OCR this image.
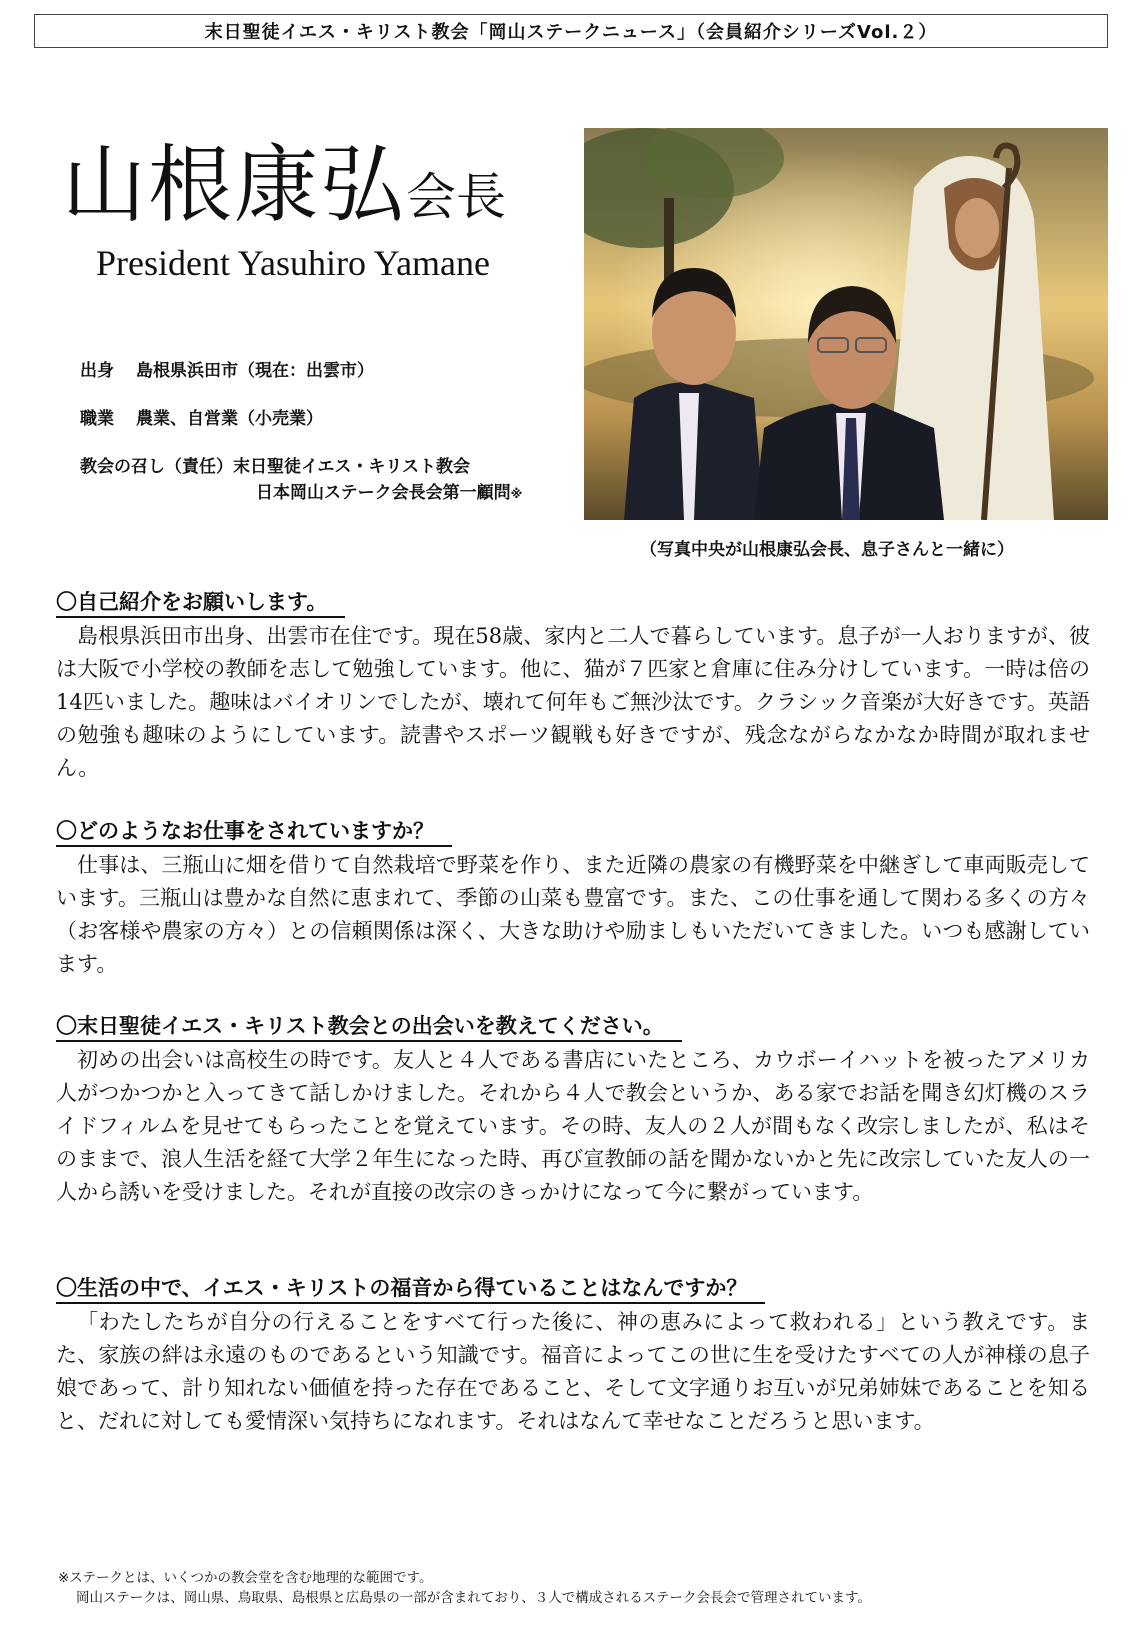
末日聖徒イエス・キリスト教会「岡山ステークニュース」（会員紹介シリーズVol.２）
山根康弘会長
President Yasuhiro Yamane
出身 島根県浜田市（現在：出雲市）
職業 農業、自営業（小売業）
教会の召し（責任）末日聖徒イエス・キリスト教会
日本岡山ステーク会長会第一顧問※
（写真中央が山根康弘会長、息子さんと一緒に）
〇自己紹介をお願いします。

島根県浜田市出身、出雲市在住です。現在58歳、家内と二人で暮らしています。息子が一人おりますが、彼は大阪で小学校の教師を志して勉強しています。他に、猫が７匹家と倉庫に住み分けしています。一時は倍の14匹いました。趣味はバイオリンでしたが、壊れて何年もご無沙汰です。クラシック音楽が大好きです。英語の勉強も趣味のようにしています。読書やスポーツ観戦も好きですが、残念ながらなかなか時間が取れません。

〇どのようなお仕事をされていますか？

仕事は、三瓶山に畑を借りて自然栽培で野菜を作り、また近隣の農家の有機野菜を中継ぎして車両販売しています。三瓶山は豊かな自然に恵まれて、季節の山菜も豊富です。また、この仕事を通して関わる多くの方々（お客様や農家の方々）との信頼関係は深く、大きな助けや励ましもいただいてきました。いつも感謝しています。

〇末日聖徒イエス・キリスト教会との出会いを教えてください。

初めの出会いは高校生の時です。友人と４人である書店にいたところ、カウボーイハットを被ったアメリカ人がつかつかと入ってきて話しかけました。それから４人で教会というか、ある家でお話を聞き幻灯機のスライドフィルムを見せてもらったことを覚えています。その時、友人の２人が間もなく改宗しましたが、私はそのままで、浪人生活を経て大学２年生になった時、再び宣教師の話を聞かないかと先に改宗していた友人の一人から誘いを受けました。それが直接の改宗のきっかけになって今に繋がっています。

〇生活の中で、イエス・キリストの福音から得ていることはなんですか？

「わたしたちが自分の行えることをすべて行った後に、神の恵みによって救われる」という教えです。また、家族の絆は永遠のものであるという知識です。福音によってこの世に生を受けたすべての人が神様の息子娘であって、計り知れない価値を持った存在であること、そして文字通りお互いが兄弟姉妹であることを知ると、だれに対しても愛情深い気持ちになれます。それはなんて幸せなことだろうと思います。

※ステークとは、いくつかの教会堂を含む地理的な範囲です。
岡山ステークは、岡山県、鳥取県、島根県と広島県の一部が含まれており、３人で構成されるステーク会長会で管理されています。
